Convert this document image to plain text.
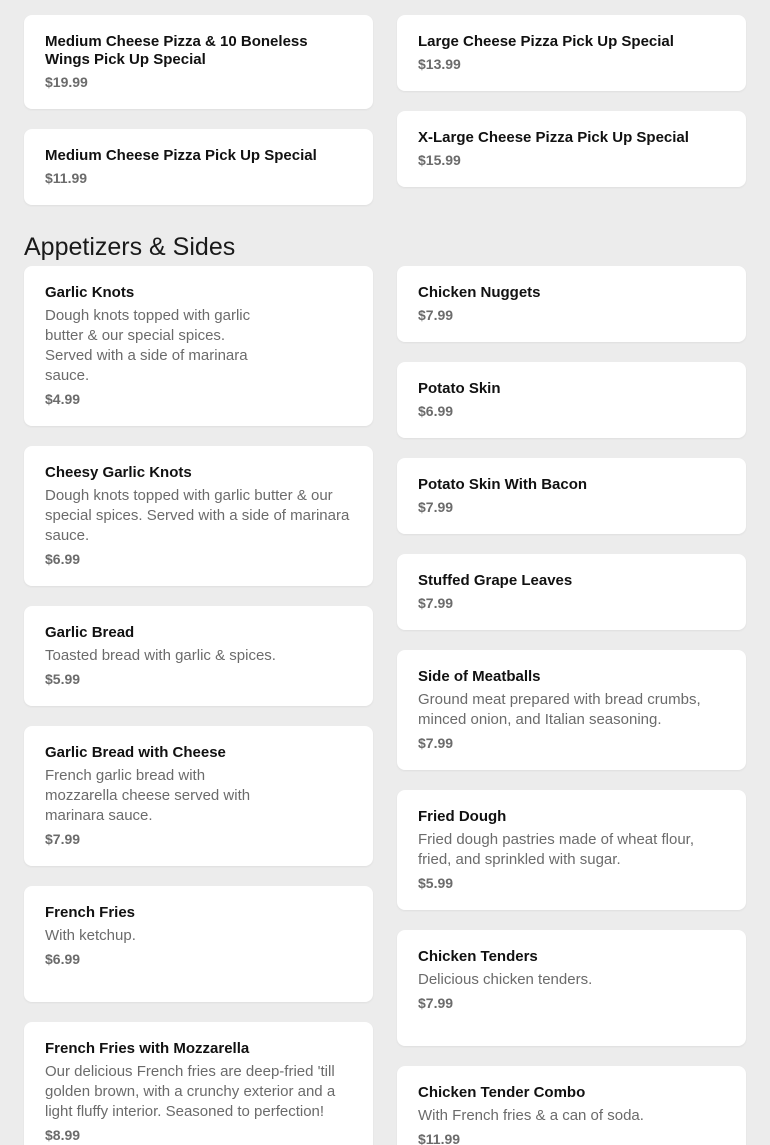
Medium Cheese Pizza & 10 Boneless Wings Pick Up Special
$19.99
Large Cheese Pizza Pick Up Special
$13.99
Medium Cheese Pizza Pick Up Special
$11.99
X-Large Cheese Pizza Pick Up Special
$15.99
Appetizers & Sides
Garlic Knots
Dough knots topped with garlic butter & our special spices. Served with a side of marinara sauce.
$4.99
Cheesy Garlic Knots
Dough knots topped with garlic butter & our special spices. Served with a side of marinara sauce.
$6.99
Garlic Bread
Toasted bread with garlic & spices.
$5.99
Garlic Bread with Cheese
French garlic bread with mozzarella cheese served with marinara sauce.
$7.99
French Fries
With ketchup.
$6.99
French Fries with Mozzarella
Our delicious French fries are deep-fried 'till golden brown, with a crunchy exterior and a light fluffy interior. Seasoned to perfection!
$8.99
Chicken Nuggets
$7.99
Potato Skin
$6.99
Potato Skin With Bacon
$7.99
Stuffed Grape Leaves
$7.99
Side of Meatballs
Ground meat prepared with bread crumbs, minced onion, and Italian seasoning.
$7.99
Fried Dough
Fried dough pastries made of wheat flour, fried, and sprinkled with sugar.
$5.99
Chicken Tenders
Delicious chicken tenders.
$7.99
Chicken Tender Combo
With French fries & a can of soda.
$11.99
